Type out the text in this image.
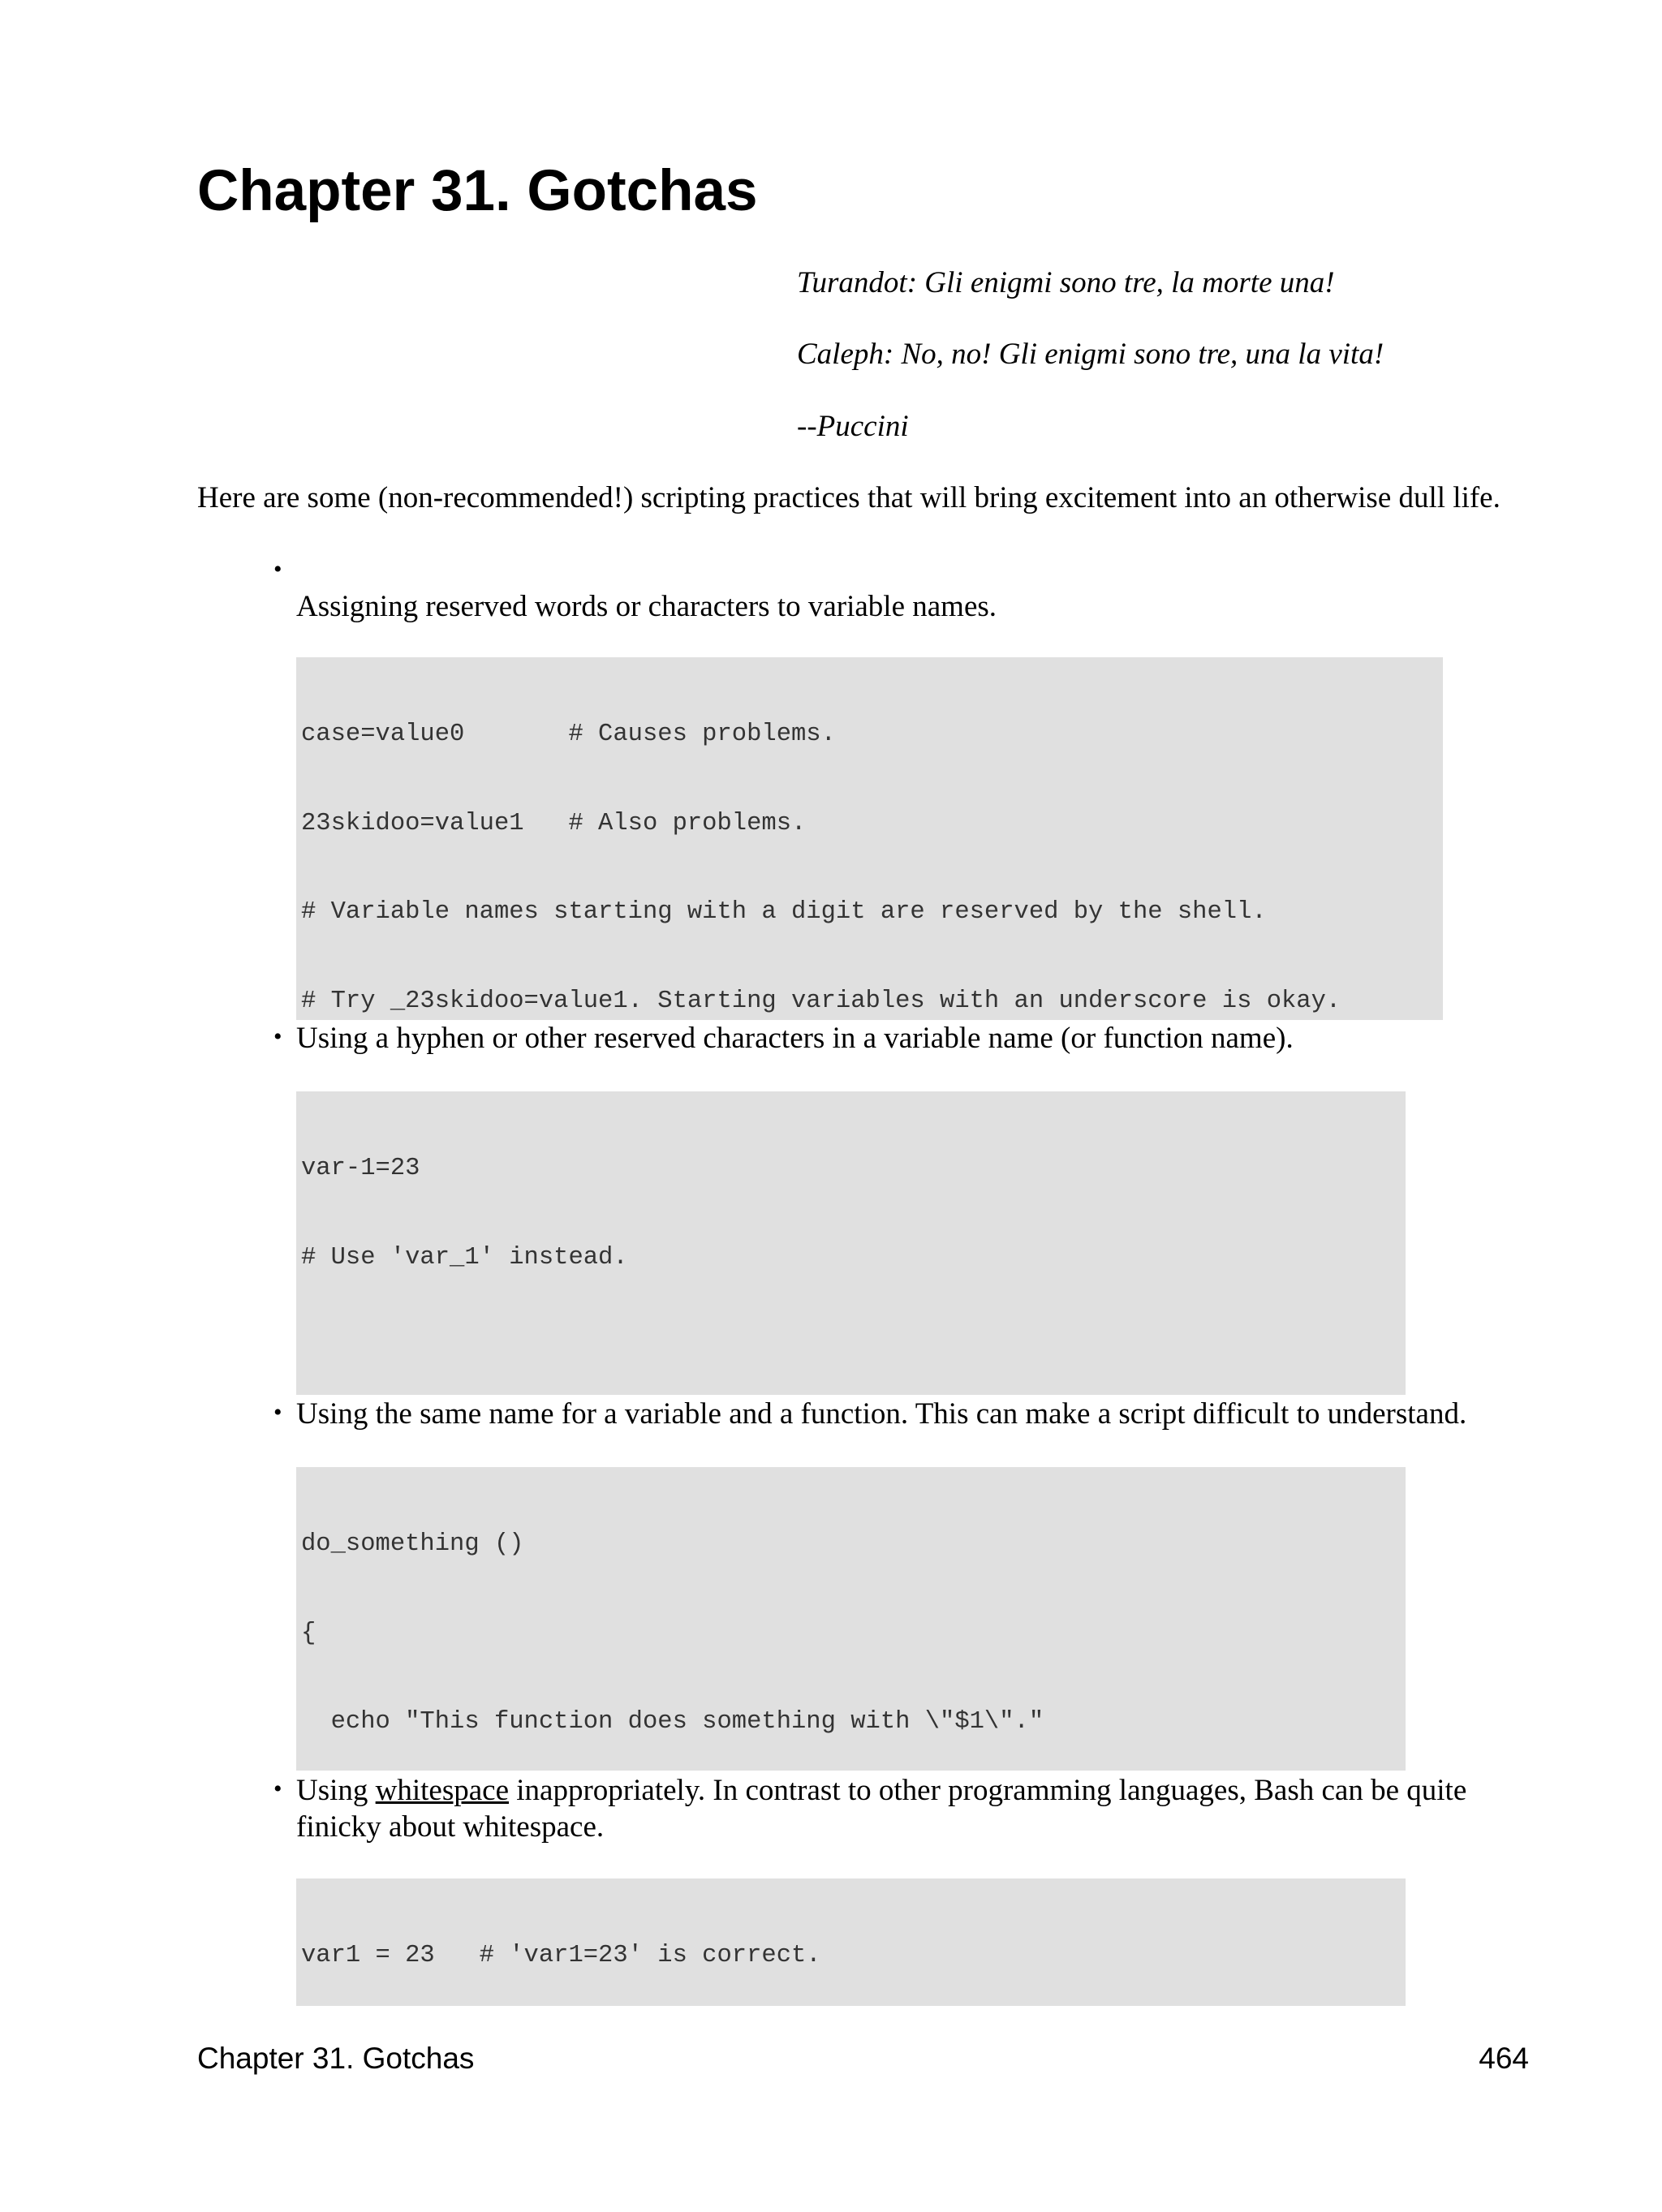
Chapter 31. Gotchas
Turandot: Gli enigmi sono tre, la morte una!
Caleph: No, no! Gli enigmi sono tre, una la vita!
--Puccini
Here are some (non-recommended!) scripting practices that will bring excitement into an otherwise dull life.
•
Assigning reserved words or characters to variable names.

case=value0       # Causes problems.

23skidoo=value1   # Also problems.

# Variable names starting with a digit are reserved by the shell.

# Try _23skidoo=value1. Starting variables with an underscore is okay.

• Using a hyphen or other reserved characters in a variable name (or function name).

var-1=23

# Use 'var_1' instead.

• Using the same name for a variable and a function. This can make a script difficult to understand.

do_something ()

{

echo "This function does something with \"$1\"."

• Using whitespace inappropriately. In contrast to other programming languages, Bash can be quite finicky about whitespace.

var1 = 23   # 'var1=23' is correct.

Chapter 31. Gotchas	464
